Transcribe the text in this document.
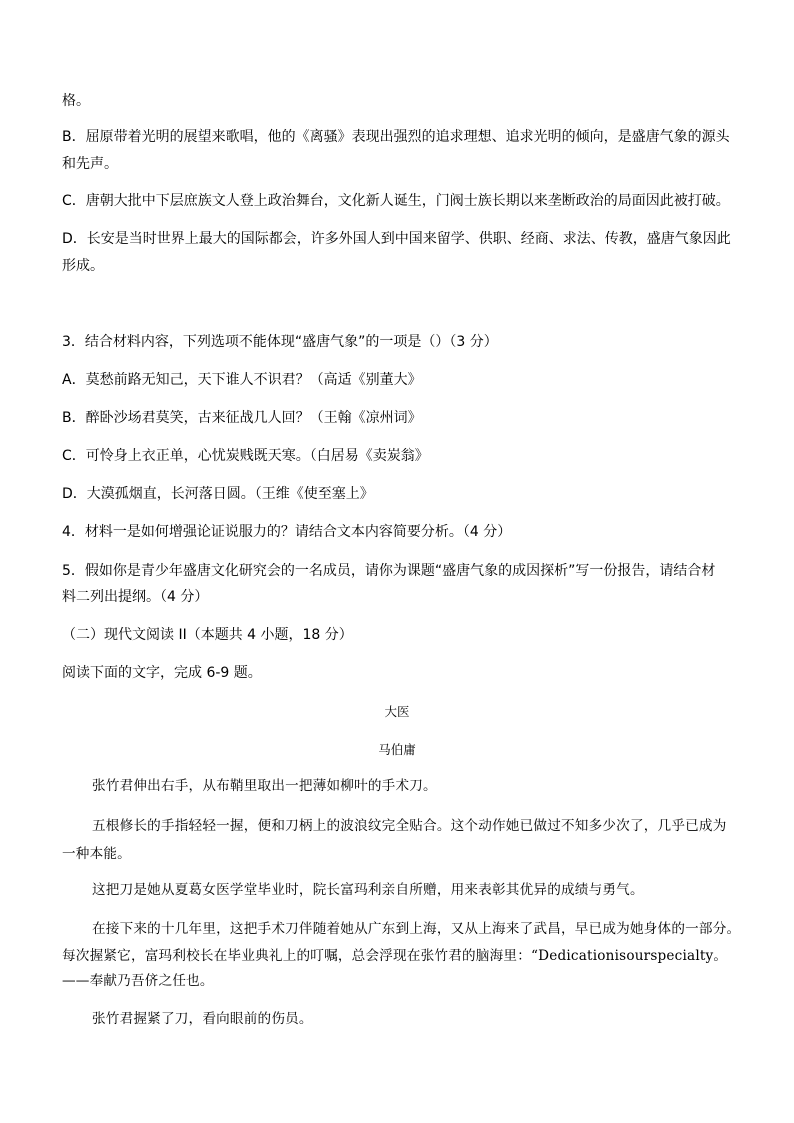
格。
B．屈原带着光明的展望来歌唱，他的《离骚》表现出强烈的追求理想、追求光明的倾向，是盛唐气象的源头
和先声。
C．唐朝大批中下层庶族文人登上政治舞台，文化新人诞生，门阀士族长期以来垄断政治的局面因此被打破。
D．长安是当时世界上最大的国际都会，许多外国人到中国来留学、供职、经商、求法、传教，盛唐气象因此
形成。
3．结合材料内容，下列选项不能体现“盛唐气象”的一项是（）（3 分）
A．莫愁前路无知己，天下谁人不识君？（高适《别董大》
B．醉卧沙场君莫笑，古来征战几人回？（王翰《凉州词》
C．可怜身上衣正单，心忧炭贱既天寒。（白居易《卖炭翁》
D．大漠孤烟直，长河落日圆。（王维《使至塞上》
4．材料一是如何增强论证说服力的？请结合文本内容简要分析。（4 分）
5．假如你是青少年盛唐文化研究会的一名成员，请你为课题“盛唐气象的成因探析”写一份报告，请结合材
料二列出提纲。（4 分）
（二）现代文阅读 II（本题共 4 小题，18 分）
阅读下面的文字，完成 6-9 题。
大医
马伯庸
张竹君伸出右手，从布鞘里取出一把薄如柳叶的手术刀。
五根修长的手指轻轻一握，便和刀柄上的波浪纹完全贴合。这个动作她已做过不知多少次了，几乎已成为
一种本能。
这把刀是她从夏葛女医学堂毕业时，院长富玛利亲自所赠，用来表彰其优异的成绩与勇气。
在接下来的十几年里，这把手术刀伴随着她从广东到上海，又从上海来了武昌，早已成为她身体的一部分。
每次握紧它，富玛利校长在毕业典礼上的叮嘱，总会浮现在张竹君的脑海里：“Dedicationisourspecialty。
——奉献乃吾侪之任也。
张竹君握紧了刀，看向眼前的伤员。
